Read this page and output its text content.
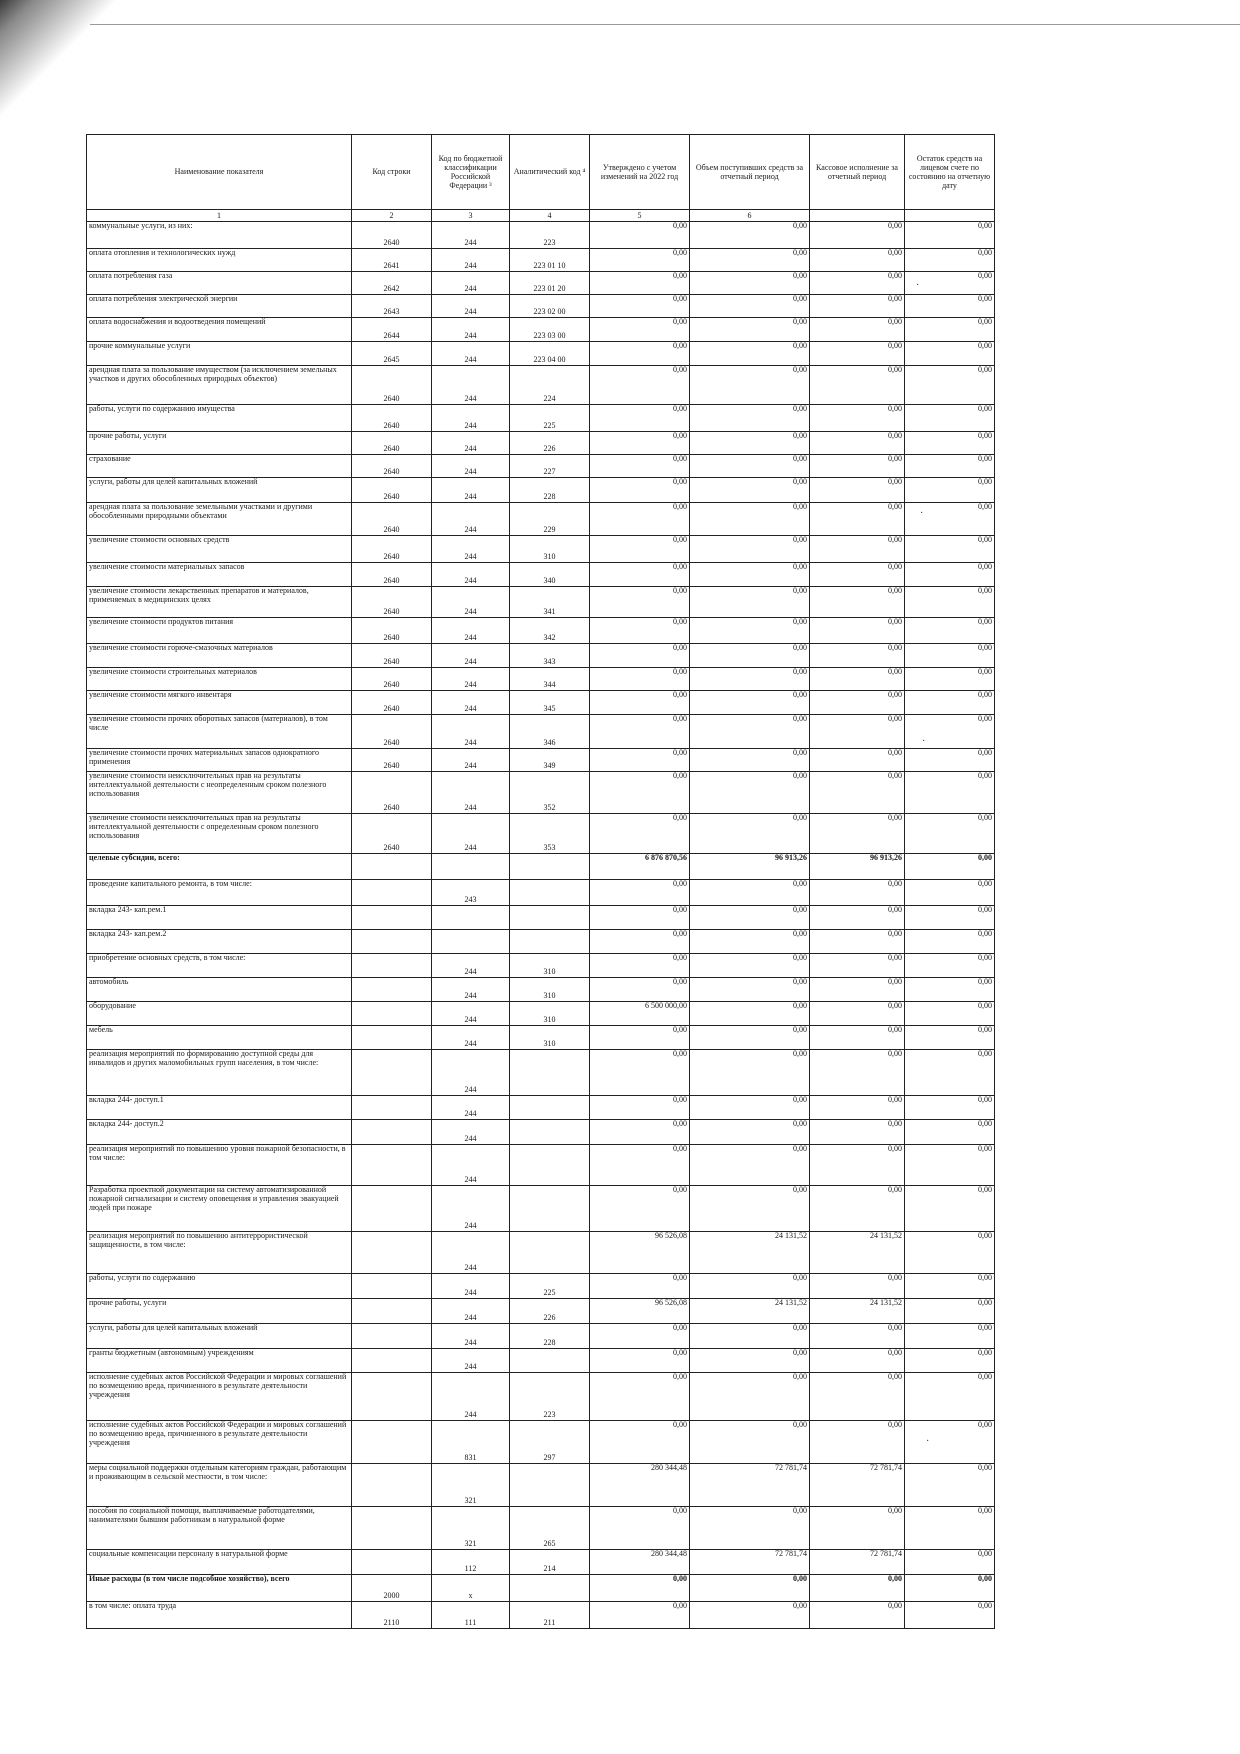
Наименование показателя	Код строки	Код по бюджетной классификации Российской Федерации ³	Аналитический код ⁴	Утверждено с учетом изменений на 2022 год	Объем поступивших средств за отчетный период	Кассовое исполнение за отчетный период	Остаток средств на лицевом счете по состоянию на отчетную дату
1	2	3	4	5	6		
коммунальные услуги, из них:	2640	244	223	0,00	0,00	0,00	0,00
оплата отопления и технологических нужд	2641	244	223 01 10	0,00	0,00	0,00	0,00
оплата потребления газа	2642	244	223 01 20	0,00	0,00	0,00	0,00
оплата потребления электрической энергии	2643	244	223 02 00	0,00	0,00	0,00	0,00
оплата водоснабжения и водоотведения помещений	2644	244	223 03 00	0,00	0,00	0,00	0,00
прочие коммунальные услуги	2645	244	223 04 00	0,00	0,00	0,00	0,00
арендная плата за пользование имуществом (за исключением земельных участков и других обособленных природных объектов)	2640	244	224	0,00	0,00	0,00	0,00
работы, услуги по содержанию имущества	2640	244	225	0,00	0,00	0,00	0,00
прочие работы, услуги	2640	244	226	0,00	0,00	0,00	0,00
страхование	2640	244	227	0,00	0,00	0,00	0,00
услуги, работы для целей капитальных вложений	2640	244	228	0,00	0,00	0,00	0,00
арендная плата за пользование земельными участками и другими обособленными природными объектами	2640	244	229	0,00	0,00	0,00	0,00
увеличение стоимости основных средств	2640	244	310	0,00	0,00	0,00	0,00
увеличение стоимости материальных запасов	2640	244	340	0,00	0,00	0,00	0,00
увеличение стоимости лекарственных препаратов и материалов, применяемых в медицинских целях	2640	244	341	0,00	0,00	0,00	0,00
увеличение стоимости продуктов питания	2640	244	342	0,00	0,00	0,00	0,00
увеличение стоимости горюче-смазочных материалов	2640	244	343	0,00	0,00	0,00	0,00
увеличение стоимости строительных материалов	2640	244	344	0,00	0,00	0,00	0,00
увеличение стоимости мягкого инвентаря	2640	244	345	0,00	0,00	0,00	0,00
увеличение стоимости прочих оборотных запасов (материалов), в том числе	2640	244	346	0,00	0,00	0,00	0,00
увеличение стоимости прочих материальных запасов однократного применения	2640	244	349	0,00	0,00	0,00	0,00
увеличение стоимости неисключительных прав на результаты интеллектуальной деятельности с неопределенным сроком полезного использования	2640	244	352	0,00	0,00	0,00	0,00
увеличение стоимости неисключительных прав на результаты интеллектуальной деятельности с определенным сроком полезного использования	2640	244	353	0,00	0,00	0,00	0,00
целевые субсидии, всего:				6 876 870,56	96 913,26	96 913,26	0,00
проведение капитального ремонта, в том числе:		243		0,00	0,00	0,00	0,00
вкладка 243- кап.рем.1				0,00	0,00	0,00	0,00
вкладка 243- кап.рем.2				0,00	0,00	0,00	0,00
приобретение основных средств, в том числе:		244	310	0,00	0,00	0,00	0,00
автомобиль		244	310	0,00	0,00	0,00	0,00
оборудование		244	310	6 500 000,00	0,00	0,00	0,00
мебель		244	310	0,00	0,00	0,00	0,00
реализация мероприятий по формированию доступной среды для инвалидов и других маломобильных групп населения, в том числе:		244		0,00	0,00	0,00	0,00
вкладка 244- доступ.1		244		0,00	0,00	0,00	0,00
вкладка 244- доступ.2		244		0,00	0,00	0,00	0,00
реализация мероприятий по повышению уровня пожарной безопасности, в том числе:		244		0,00	0,00	0,00	0,00
Разработка проектной документации на систему автоматизированной пожарной сигнализации и систему оповещения и управления эвакуацией людей при пожаре		244		0,00	0,00	0,00	0,00
реализация мероприятий по повышению антитеррористической защищенности, в том числе:		244		96 526,08	24 131,52	24 131,52	0,00
работы, услуги по содержанию		244	225	0,00	0,00	0,00	0,00
прочие работы, услуги		244	226	96 526,08	24 131,52	24 131,52	0,00
услуги, работы для целей капитальных вложений		244	228	0,00	0,00	0,00	0,00
гранты бюджетным (автономным) учреждениям		244		0,00	0,00	0,00	0,00
исполнение судебных актов Российской Федерации и мировых соглашений по возмещению вреда, причиненного в результате деятельности учреждения		244	223	0,00	0,00	0,00	0,00
исполнение судебных актов Российской Федерации и мировых соглашений по возмещению вреда, причиненного в результате деятельности учреждения		831	297	0,00	0,00	0,00	0,00
меры социальной поддержки отдельным категориям граждан, работающим и проживающим в сельской местности, в том числе:		321		280 344,48	72 781,74	72 781,74	0,00
пособия по социальной помощи, выплачиваемые работодателями, нанимателями бывшим работникам в натуральной форме		321	265	0,00	0,00	0,00	0,00
социальные компенсации персоналу в натуральной форме		112	214	280 344,48	72 781,74	72 781,74	0,00
Иные расходы (в том числе подсобное хозяйство), всего	2000	х		0,00	0,00	0,00	0,00
в том числе: оплата труда	2110	111	211	0,00	0,00	0,00	0,00
·
·
·
·
